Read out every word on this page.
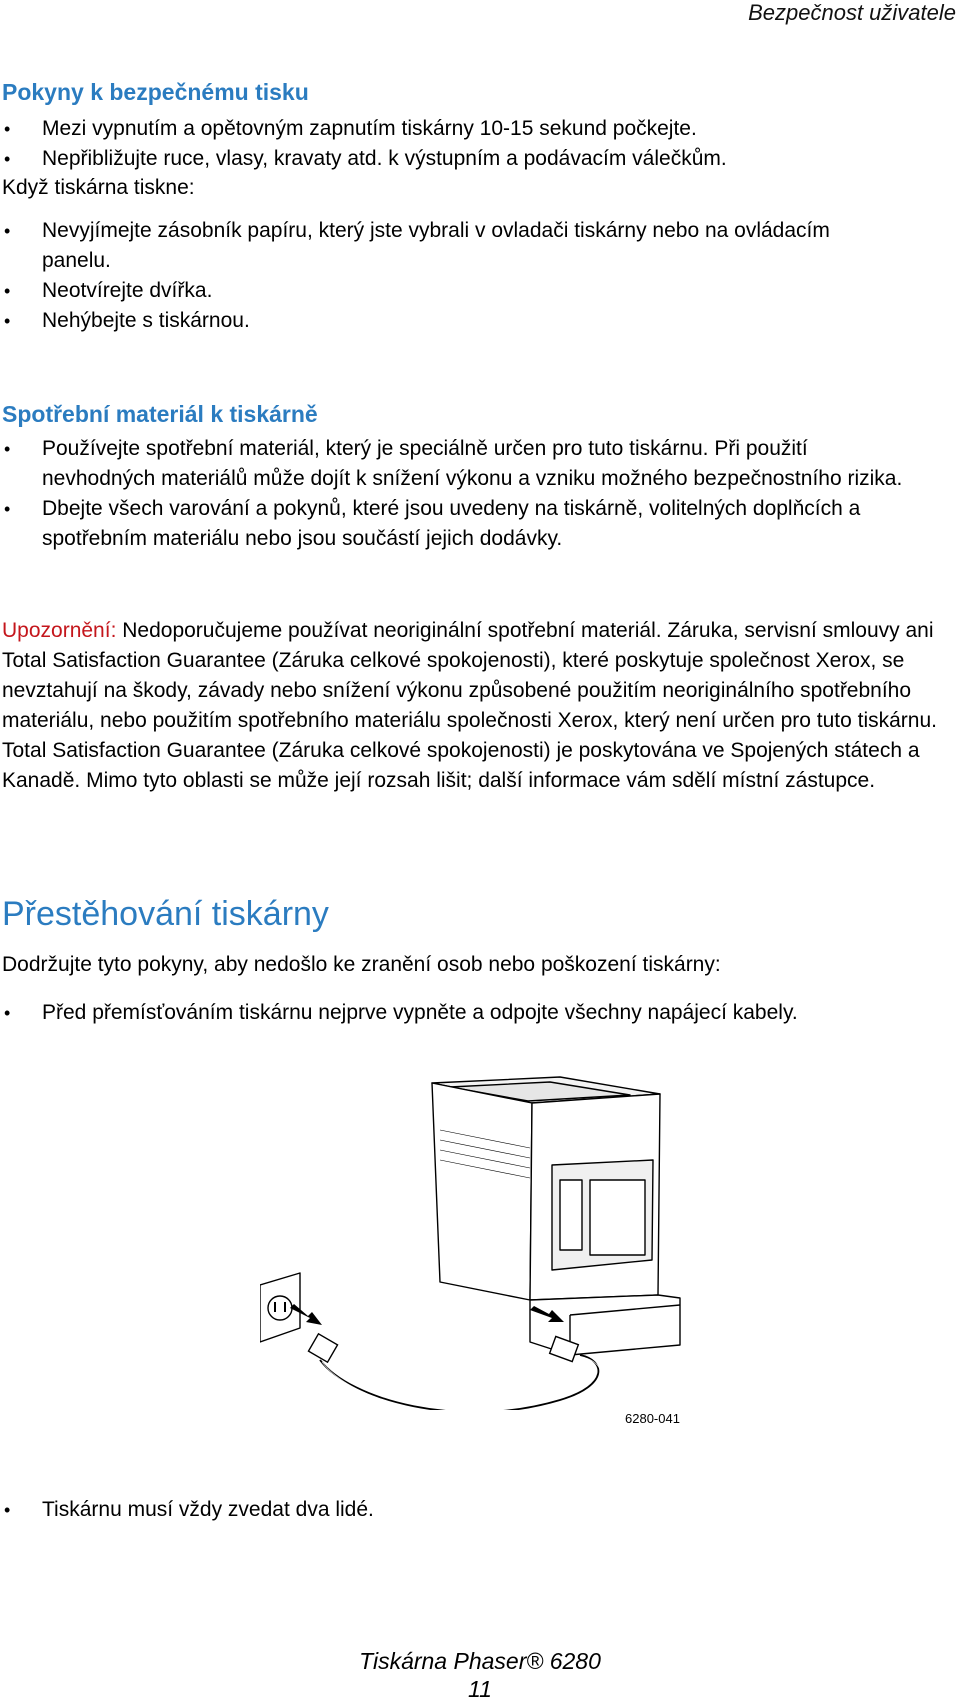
Bezpečnost uživatele
Pokyny k bezpečnému tisku
• Mezi vypnutím a opětovným zapnutím tiskárny 10-15 sekund počkejte.
• Nepřibližujte ruce, vlasy, kravaty atd. k výstupním a podávacím válečkům.
Když tiskárna tiskne:
• Nevyjímejte zásobník papíru, který jste vybrali v ovladači tiskárny nebo na ovládacím panelu.
• Neotvírejte dvířka.
• Nehýbejte s tiskárnou.
Spotřební materiál k tiskárně
• Používejte spotřební materiál, který je speciálně určen pro tuto tiskárnu. Při použití nevhodných materiálů může dojít k snížení výkonu a vzniku možného bezpečnostního rizika.
• Dbejte všech varování a pokynů, které jsou uvedeny na tiskárně, volitelných doplňcích a spotřebním materiálu nebo jsou součástí jejich dodávky.
Upozornění: Nedoporučujeme používat neoriginální spotřební materiál. Záruka, servisní smlouvy ani Total Satisfaction Guarantee (Záruka celkové spokojenosti), které poskytuje společnost Xerox, se nevztahují na škody, závady nebo snížení výkonu způsobené použitím neoriginálního spotřebního materiálu, nebo použitím spotřebního materiálu společnosti Xerox, který není určen pro tuto tiskárnu. Total Satisfaction Guarantee (Záruka celkové spokojenosti) je poskytována ve Spojených státech a Kanadě. Mimo tyto oblasti se může její rozsah lišit; další informace vám sdělí místní zástupce.
Přestěhování tiskárny
Dodržujte tyto pokyny, aby nedošlo ke zranění osob nebo poškození tiskárny:
• Před přemísťováním tiskárnu nejprve vypněte a odpojte všechny napájecí kabely.
6280-041
• Tiskárnu musí vždy zvedat dva lidé.
Tiskárna Phaser® 6280
11
